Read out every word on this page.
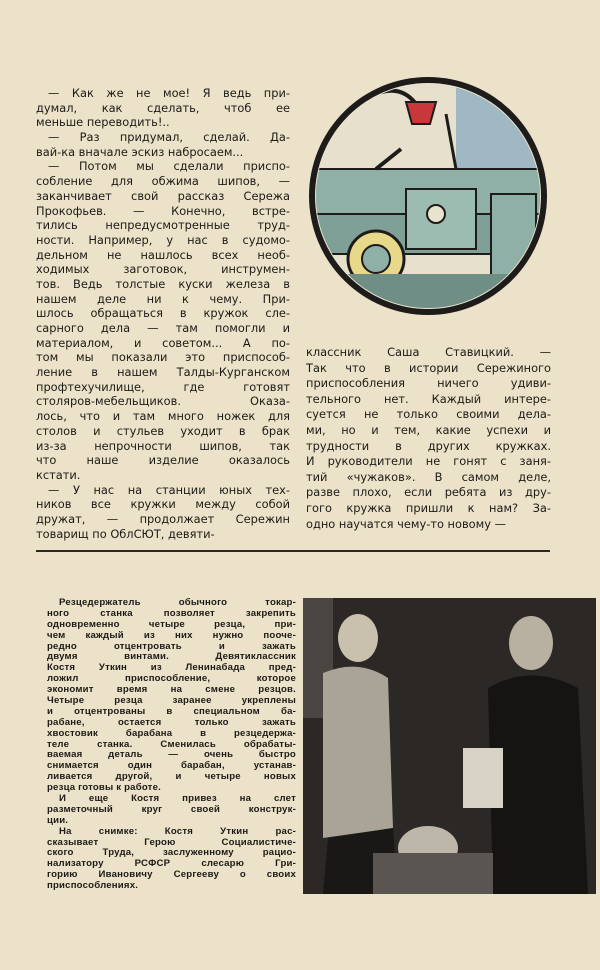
— Как же не мое! Я ведь при-
думал, как сделать, чтоб ее
меньше переводить!..
— Раз придумал, сделай. Да-
вай-ка вначале эскиз набросаем...
— Потом мы сделали приспо-
собление для обжима шипов, —
заканчивает свой рассказ Сережа
Прокофьев. — Конечно, встре-
тились непредусмотренные труд-
ности. Например, у нас в судомо-
дельном не нашлось всех необ-
ходимых заготовок, инструмен-
тов. Ведь толстые куски железа в
нашем деле ни к чему. При-
шлось обращаться в кружок сле-
сарного дела — там помогли и
материалом, и советом... А по-
том мы показали это приспособ-
ление в нашем Талды-Курганском
профтехучилище, где готовят
столяров-мебельщиков. Оказа-
лось, что и там много ножек для
столов и стульев уходит в брак
из-за непрочности шипов, так
что наше изделие оказалось
кстати.
— У нас на станции юных тех-
ников все кружки между собой
дружат, — продолжает Сережин
товарищ по ОблСЮТ, девяти-
классник Саша Ставицкий. —
Так что в истории Сережиного
приспособления ничего удиви-
тельного нет. Каждый интере-
суется не только своими дела-
ми, но и тем, какие успехи и
трудности в других кружках.
И руководители не гонят с заня-
тий «чужаков». В самом деле,
разве плохо, если ребята из дру-
гого кружка пришли к нам? За-
одно научатся чему-то новому —
Резцедержатель обычного токар-
ного станка позволяет закрепить
одновременно четыре резца, при-
чем каждый из них нужно пооче-
редно отцентровать и зажать
двумя винтами. Девятиклассник
Костя Уткин из Ленинабада пред-
ложил приспособление, которое
экономит время на смене резцов.
Четыре резца заранее укреплены
и отцентрованы в специальном ба-
рабане, остается только зажать
хвостовик барабана в резцедержа-
теле станка. Сменилась обрабаты-
ваемая деталь — очень быстро
снимается один барабан, устанав-
ливается другой, и четыре новых
резца готовы к работе.
И еще Костя привез на слет
разметочный круг своей конструк-
ции.
На снимке: Костя Уткин рас-
сказывает Герою Социалистиче-
ского Труда, заслуженному рацио-
нализатору РСФСР слесарю Гри-
горию Ивановичу Сергееву о своих
приспособлениях.
